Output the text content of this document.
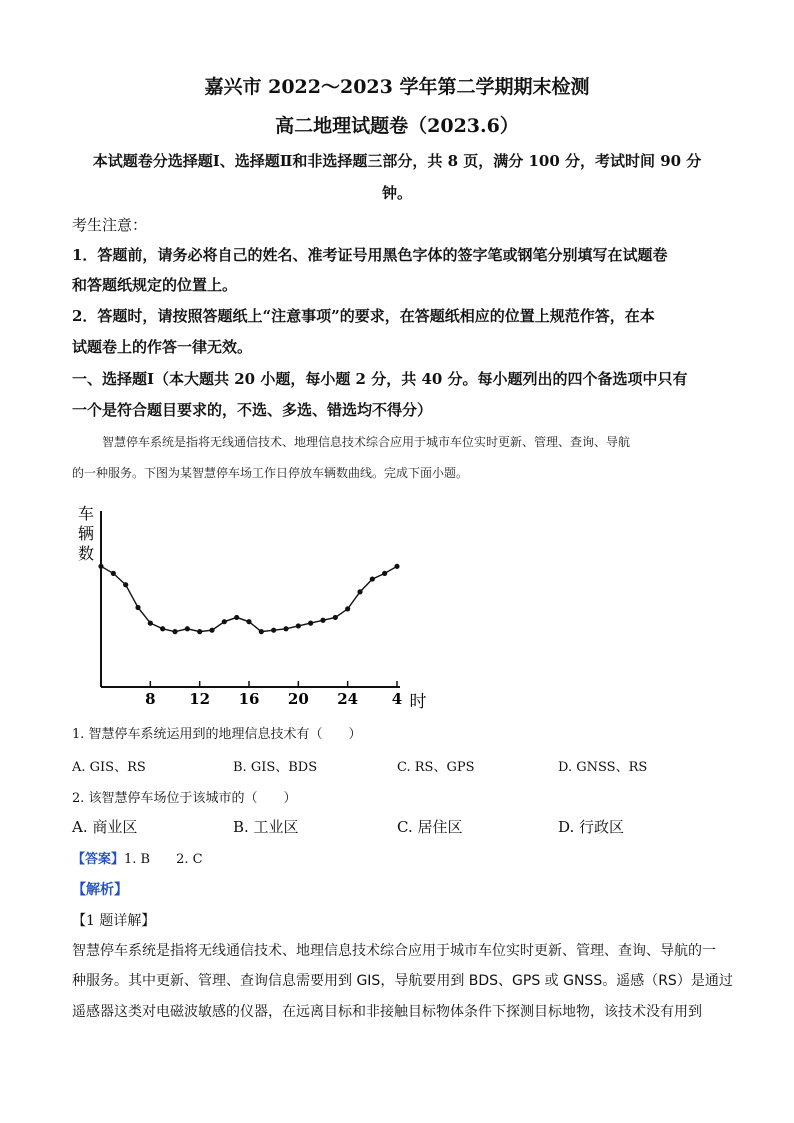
嘉兴市 2022～2023 学年第二学期期末检测
高二地理试题卷（2023.6）
本试题卷分选择题Ⅰ、选择题Ⅱ和非选择题三部分，共 8 页，满分 100 分，考试时间 90 分
钟。
考生注意：
1．答题前，请务必将自己的姓名、准考证号用黑色字体的签字笔或钢笔分别填写在试题卷
和答题纸规定的位置上。
2．答题时，请按照答题纸上“注意事项”的要求，在答题纸相应的位置上规范作答，在本
试题卷上的作答一律无效。
一、选择题Ⅰ（本大题共 20 小题，每小题 2 分，共 40 分。每小题列出的四个备选项中只有
一个是符合题目要求的，不选、多选、错选均不得分）
智慧停车系统是指将无线通信技术、地理信息技术综合应用于城市车位实时更新、管理、查询、导航
的一种服务。下图为某智慧停车场工作日停放车辆数曲线。完成下面小题。
车
辆
数
8 12 16 20 24 4 时
1. 智慧停车系统运用到的地理信息技术有（　　）
A. GIS、RS	B. GIS、BDS	C. RS、GPS	D. GNSS、RS
2. 该智慧停车场位于该城市的（　　）
A. 商业区	B. 工业区	C. 居住区	D. 行政区
【答案】1. B　　2. C
【解析】
【1 题详解】
智慧停车系统是指将无线通信技术、地理信息技术综合应用于城市车位实时更新、管理、查询、导航的一
种服务。其中更新、管理、查询信息需要用到 GIS，导航要用到 BDS、GPS 或 GNSS。遥感（RS）是通过
遥感器这类对电磁波敏感的仪器，在远离目标和非接触目标物体条件下探测目标地物，该技术没有用到
